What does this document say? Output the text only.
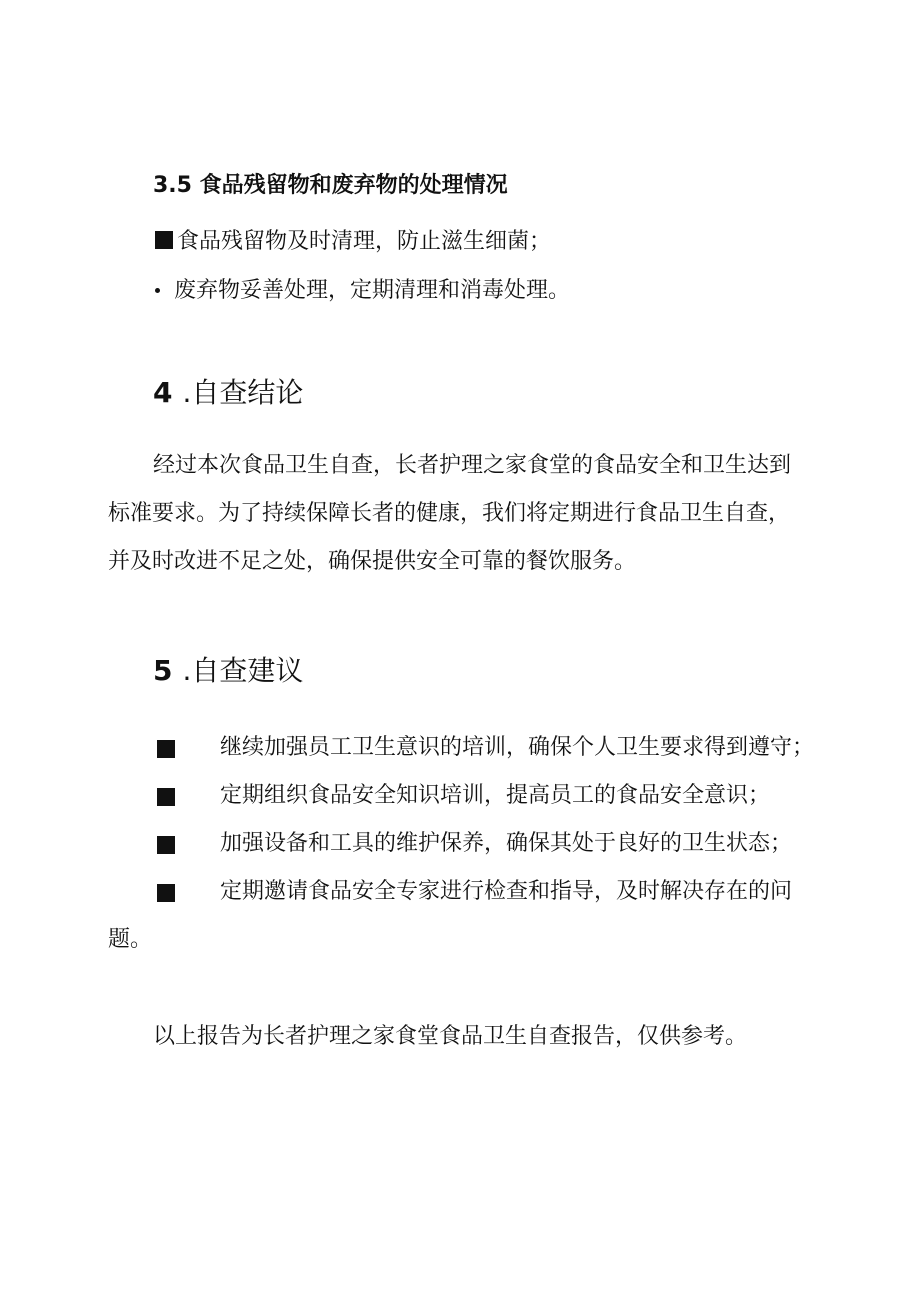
3.5 食品残留物和废弃物的处理情况
食品残留物及时清理，防止滋生细菌；
废弃物妥善处理，定期清理和消毒处理。
4 .自查结论
经过本次食品卫生自查，长者护理之家食堂的食品安全和卫生达到
标准要求。为了持续保障长者的健康，我们将定期进行食品卫生自查，
并及时改进不足之处，确保提供安全可靠的餐饮服务。
5 .自查建议
继续加强员工卫生意识的培训，确保个人卫生要求得到遵守；
定期组织食品安全知识培训，提高员工的食品安全意识；
加强设备和工具的维护保养，确保其处于良好的卫生状态；
定期邀请食品安全专家进行检查和指导，及时解决存在的问
题。
以上报告为长者护理之家食堂食品卫生自查报告，仅供参考。
